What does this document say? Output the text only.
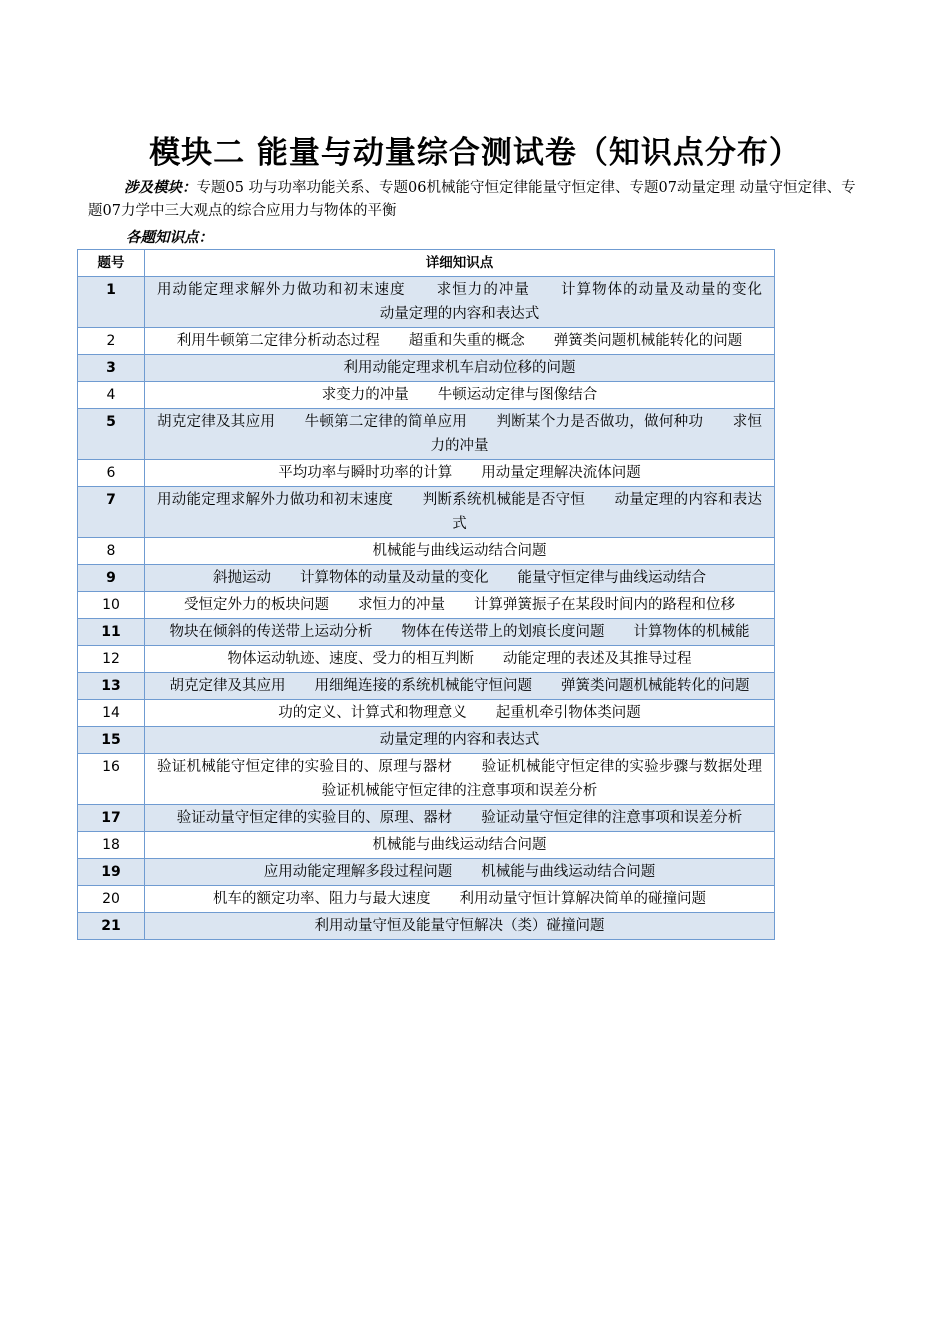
模块二 能量与动量综合测试卷（知识点分布）
涉及模块：专题05 功与功率功能关系、专题06机械能守恒定律能量守恒定律、专题07动量定理 动量守恒定律、专题07力学中三大观点的综合应用力与物体的平衡
各题知识点：
题号	详细知识点
1	用动能定理求解外力做功和初末速度　　求恒力的冲量　　计算物体的动量及动量的变化　　动量定理的内容和表达式
2	利用牛顿第二定律分析动态过程　　超重和失重的概念　　弹簧类问题机械能转化的问题
3	利用动能定理求机车启动位移的问题
4	求变力的冲量　　牛顿运动定律与图像结合
5	胡克定律及其应用　　牛顿第二定律的简单应用　　判断某个力是否做功，做何种功　　求恒力的冲量
6	平均功率与瞬时功率的计算　　用动量定理解决流体问题
7	用动能定理求解外力做功和初末速度　　判断系统机械能是否守恒　　动量定理的内容和表达式
8	机械能与曲线运动结合问题
9	斜抛运动　　计算物体的动量及动量的变化　　能量守恒定律与曲线运动结合
10	受恒定外力的板块问题　　求恒力的冲量　　计算弹簧振子在某段时间内的路程和位移
11	物块在倾斜的传送带上运动分析　　物体在传送带上的划痕长度问题　　计算物体的机械能
12	物体运动轨迹、速度、受力的相互判断　　动能定理的表述及其推导过程
13	胡克定律及其应用　　用细绳连接的系统机械能守恒问题　　弹簧类问题机械能转化的问题
14	功的定义、计算式和物理意义　　起重机牵引物体类问题
15	动量定理的内容和表达式
16	验证机械能守恒定律的实验目的、原理与器材　　验证机械能守恒定律的实验步骤与数据处理　　验证机械能守恒定律的注意事项和误差分析
17	验证动量守恒定律的实验目的、原理、器材　　验证动量守恒定律的注意事项和误差分析
18	机械能与曲线运动结合问题
19	应用动能定理解多段过程问题　　机械能与曲线运动结合问题
20	机车的额定功率、阻力与最大速度　　利用动量守恒计算解决简单的碰撞问题
21	利用动量守恒及能量守恒解决（类）碰撞问题
